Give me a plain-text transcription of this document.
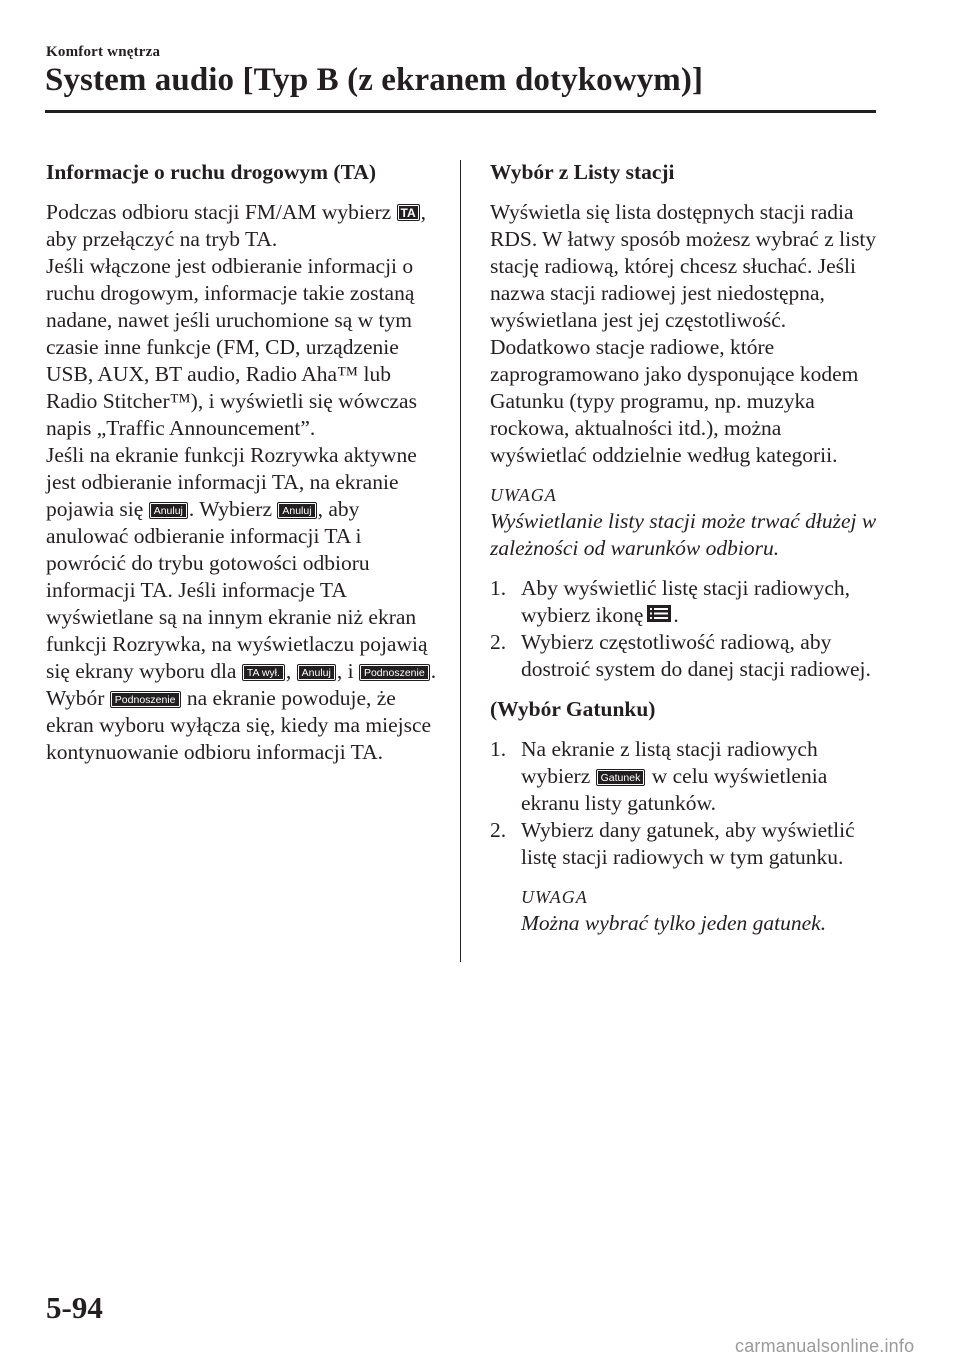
Komfort wnętrza
System audio [Typ B (z ekranem dotykowym)]

Informacje o ruchu drogowym (TA)

Podczas odbioru stacji FM/AM wybierz TA , aby przełączyć na tryb TA.

Jeśli włączone jest odbieranie informacji o ruchu drogowym, informacje takie zostaną nadane, nawet jeśli uruchomione są w tym czasie inne funkcje (FM, CD, urządzenie USB, AUX, BT audio, Radio Aha™ lub Radio Stitcher™), i wyświetli się wówczas napis „Traffic Announcement”.

Jeśli na ekranie funkcji Rozrywka aktywne jest odbieranie informacji TA, na ekranie pojawia się Anuluj . Wybierz Anuluj , aby anulować odbieranie informacji TA i powrócić do trybu gotowości odbioru informacji TA. Jeśli informacje TA wyświetlane są na innym ekranie niż ekran funkcji Rozrywka, na wyświetlaczu pojawią się ekrany wyboru dla TA wył. , Anuluj , i Podnoszenie . Wybór Podnoszenie na ekranie powoduje, że ekran wyboru wyłącza się, kiedy ma miejsce kontynuowanie odbioru informacji TA.

Wybór z Listy stacji

Wyświetla się lista dostępnych stacji radia RDS. W łatwy sposób możesz wybrać z listy stację radiową, której chcesz słuchać. Jeśli nazwa stacji radiowej jest niedostępna, wyświetlana jest jej częstotliwość. Dodatkowo stacje radiowe, które zaprogramowano jako dysponujące kodem Gatunku (typy programu, np. muzyka rockowa, aktualności itd.), można wyświetlać oddzielnie według kategorii.

UWAGA

Wyświetlanie listy stacji może trwać dłużej w zależności od warunków odbioru.

1. Aby wyświetlić listę stacji radiowych, wybierz ikonę .
2. Wybierz częstotliwość radiową, aby dostroić system do danej stacji radiowej.

(Wybór Gatunku)

1. Na ekranie z listą stacji radiowych wybierz Gatunek w celu wyświetlenia ekranu listy gatunków.
2. Wybierz dany gatunek, aby wyświetlić listę stacji radiowych w tym gatunku.

UWAGA

Można wybrać tylko jeden gatunek.

5-94
carmanualsonline.info
